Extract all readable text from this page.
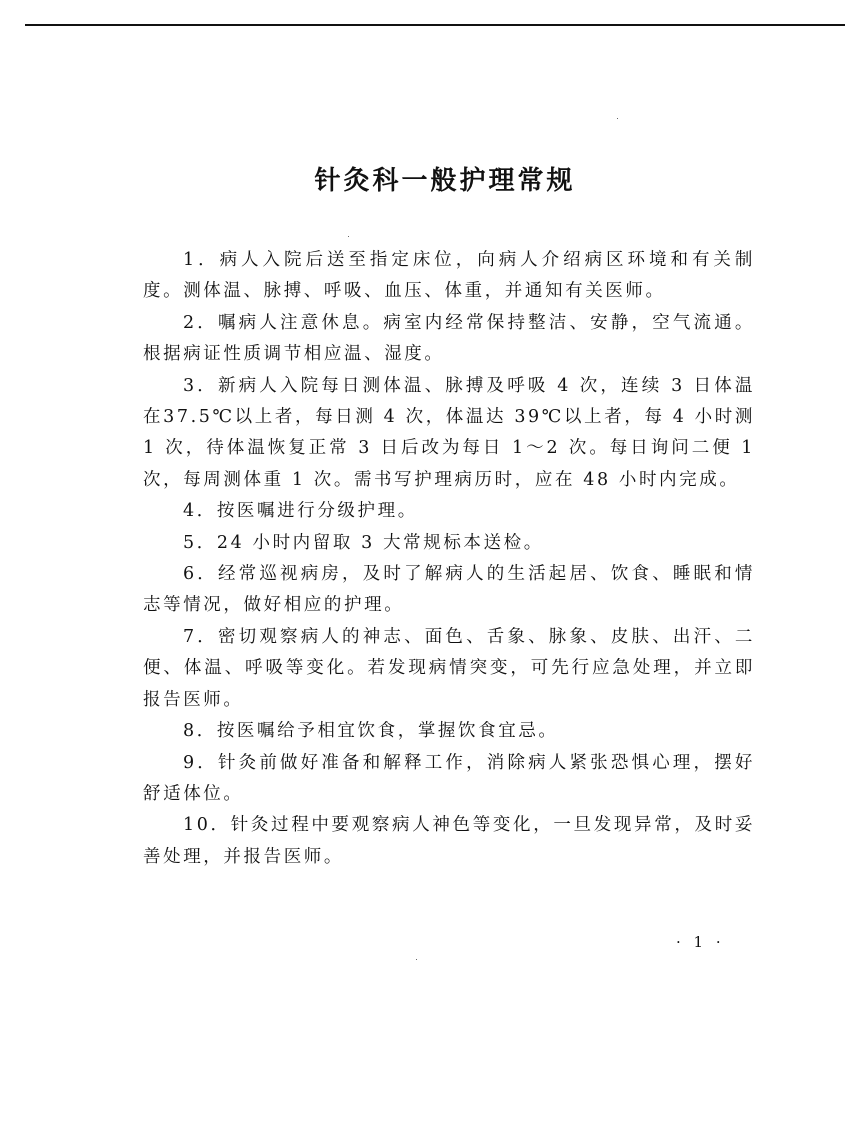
针灸科一般护理常规

1．病人入院后送至指定床位，向病人介绍病区环境和有关制度。测体温、脉搏、呼吸、血压、体重，并通知有关医师。

2．嘱病人注意休息。病室内经常保持整洁、安静，空气流通。根据病证性质调节相应温、湿度。

3．新病人入院每日测体温、脉搏及呼吸 4 次，连续 3 日体温在37.5℃以上者，每日测 4 次，体温达 39℃以上者，每 4 小时测 1 次，待体温恢复正常 3 日后改为每日 1～2 次。每日询问二便 1 次，每周测体重 1 次。需书写护理病历时，应在 48 小时内完成。

4．按医嘱进行分级护理。

5．24 小时内留取 3 大常规标本送检。

6．经常巡视病房，及时了解病人的生活起居、饮食、睡眠和情志等情况，做好相应的护理。

7．密切观察病人的神志、面色、舌象、脉象、皮肤、出汗、二便、体温、呼吸等变化。若发现病情突变，可先行应急处理，并立即报告医师。

8．按医嘱给予相宜饮食，掌握饮食宜忌。

9．针灸前做好准备和解释工作，消除病人紧张恐惧心理，摆好舒适体位。

10．针灸过程中要观察病人神色等变化，一旦发现异常，及时妥善处理，并报告医师。

· 1 ·
